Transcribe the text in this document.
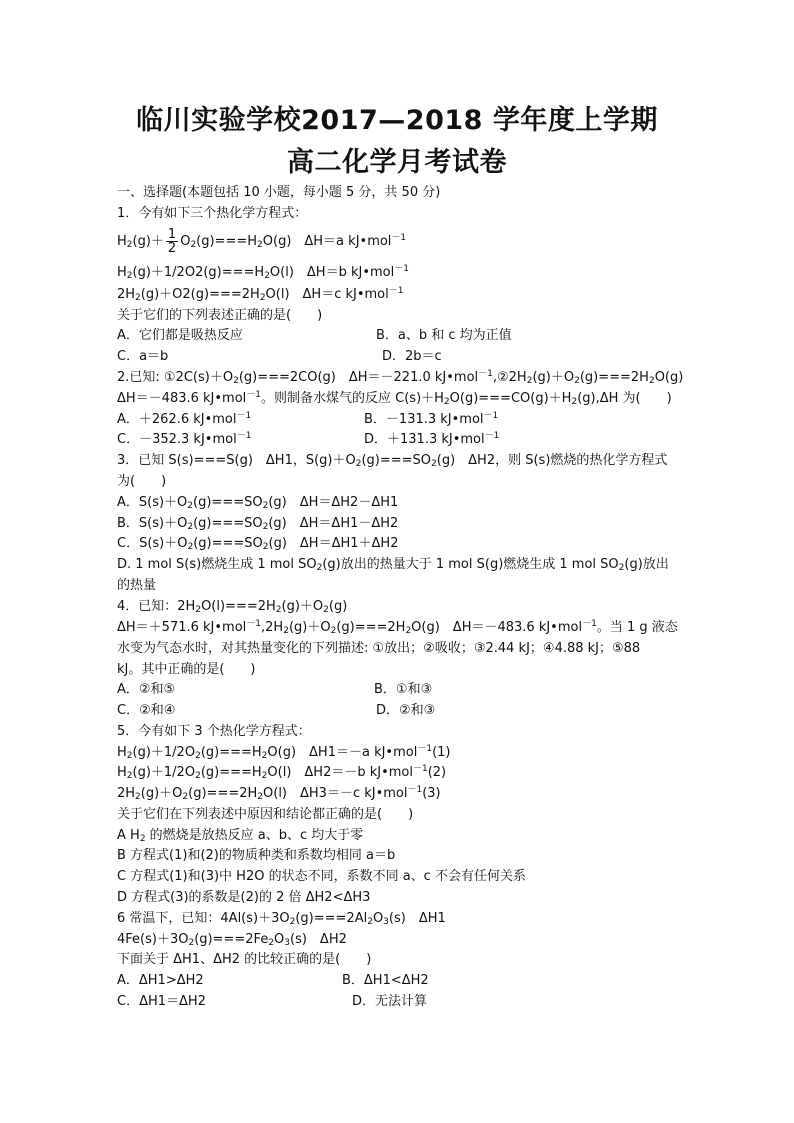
临川实验学校2017—2018 学年度上学期
高二化学月考试卷
一、选择题(本题包括 10 小题，每小题 5 分，共 50 分)
1．今有如下三个热化学方程式：
$H_2(g)+ \frac{1}{2} O_2(g)===H_2O(g)$　ΔH＝a kJ•mol$^{-1}$
$H_2(g)+1/2O2(g)===H_2O(l)$　ΔH＝b kJ•mol$^{-1}$
$2H_2(g)+O2(g)===2H_2O(l)$　ΔH＝c kJ•mol$^{-1}$
关于它们的下列表述正确的是(　　)
A．它们都是吸热反应	B．a、b 和 c 均为正值
C．a＝b	D．2b＝c
2.已知: $①2C(s)+O_2(g)===2CO(g)$　ΔH＝－221.0 $kJ•mol^{-1},②2H_2(g)+O_2(g)===2H_2O(g)$
ΔH＝－483.6 kJ•mol$^{-1}$。则制备水煤气的反应 $C(s)+H_2O(g)===CO(g)+H_2(g),\Delta H$ 为(　　)
A．＋262.6 kJ•mol$^{-1}$	B．－131.3 kJ•mol$^{-1}$
C．－352.3 kJ•mol$^{-1}$	D．＋131.3 kJ•mol$^{-1}$
3．已知 S(s)===S(g)　ΔH1，$S(g)+O_2(g)===SO_2(g)$　ΔH2，则 S(s)燃烧的热化学方程式
为(　　)
A．$S(s)+O_2(g)===SO_2(g)$　ΔH＝ΔH2－ΔH1
B．$S(s)+O_2(g)===SO_2(g)$　ΔH＝ΔH1－ΔH2
C．$S(s)+O_2(g)===SO_2(g)$　ΔH＝ΔH1＋ΔH2
D. 1 mol S(s)燃烧生成 1 mol $SO_2(g)$放出的热量大于 1 mol S(g)燃烧生成 1 mol $SO_2(g)$放出
的热量
4．已知：$2H_2O(l)===2H_2(g)+O_2(g)$
ΔH＝＋571.6 $kJ•mol^{-1},2H_2(g)+O_2(g)===2H_2O(g)$　ΔH＝－483.6 kJ•mol$^{-1}$。当 1 g 液态
水变为气态水时，对其热量变化的下列描述: ①放出；②吸收；③2.44 kJ；④4.88 kJ；⑤88
kJ。其中正确的是(　　)
A．②和⑤	B．①和③
C．②和④	D．②和③
5．今有如下 3 个热化学方程式：
$H_2(g)+1/2O_2(g)===H_2O(g)$　ΔH1＝－a kJ•mol$^{-1}$(1)
$H_2(g)+1/2O_2(g)===H_2O(l)$　ΔH2＝－b kJ•mol$^{-1}$(2)
$2H_2(g)+O_2(g)===2H_2O(l)$　ΔH3＝－c kJ•mol$^{-1}$(3)
关于它们在下列表述中原因和结论都正确的是(　　)
A $H_2$ 的燃烧是放热反应 a、b、c 均大于零
B 方程式(1)和(2)的物质种类和系数均相同 a＝b
C 方程式(1)和(3)中 H2O 的状态不同，系数不同 a、c 不会有任何关系
D 方程式(3)的系数是(2)的 2 倍 ΔH2<ΔH3
6 常温下，已知：$4Al(s)+3O_2(g)===2Al_2O_3(s)$　ΔH1
$4Fe(s)+3O_2(g)===2Fe_2O_3(s)$　ΔH2
下面关于 ΔH1、ΔH2 的比较正确的是(　　)
A．ΔH1>ΔH2	B．ΔH1<ΔH2
C．ΔH1＝ΔH2	D．无法计算
